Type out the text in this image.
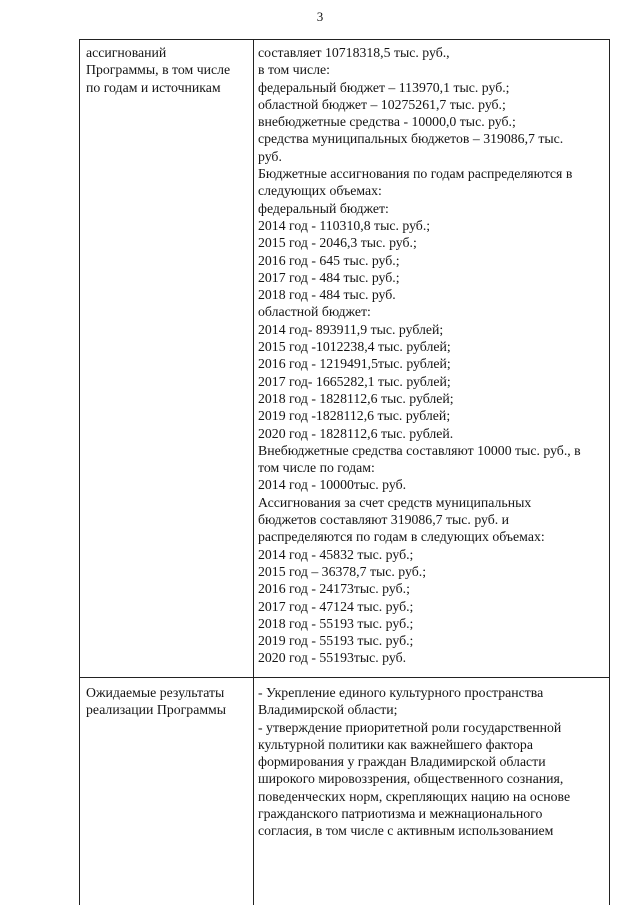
3
ассигнований
Программы, в том числе
по годам и источникам
составляет 10718318,5 тыс. руб.,
в том числе:
федеральный бюджет – 113970,1 тыс. руб.;
областной бюджет – 10275261,7 тыс. руб.;
внебюджетные средства - 10000,0 тыс. руб.;
средства муниципальных бюджетов – 319086,7 тыс.
руб.
Бюджетные ассигнования по годам распределяются в
следующих объемах:
федеральный бюджет:
2014 год - 110310,8 тыс. руб.;
2015 год - 2046,3 тыс. руб.;
2016 год - 645 тыс. руб.;
2017 год - 484 тыс. руб.;
2018 год - 484 тыс. руб.
областной бюджет:
2014 год- 893911,9 тыс. рублей;
2015 год -1012238,4 тыс. рублей;
2016 год - 1219491,5тыс. рублей;
2017 год- 1665282,1 тыс. рублей;
2018 год - 1828112,6 тыс. рублей;
2019 год -1828112,6 тыс. рублей;
2020 год - 1828112,6 тыс. рублей.
Внебюджетные средства составляют 10000 тыс. руб., в
том числе по годам:
2014 год - 10000тыс. руб.
Ассигнования за счет средств муниципальных
бюджетов составляют 319086,7 тыс. руб. и
распределяются по годам в следующих объемах:
2014 год - 45832 тыс. руб.;
2015 год – 36378,7 тыс. руб.;
2016 год - 24173тыс. руб.;
2017 год - 47124 тыс. руб.;
2018 год - 55193 тыс. руб.;
2019 год - 55193 тыс. руб.;
2020 год - 55193тыс. руб.
Ожидаемые результаты
реализации Программы
- Укрепление единого культурного пространства
Владимирской области;
- утверждение приоритетной роли государственной
культурной политики как важнейшего фактора
формирования у граждан Владимирской области
широкого мировоззрения, общественного сознания,
поведенческих норм, скрепляющих нацию на основе
гражданского патриотизма и межнационального
согласия, в том числе с активным использованием
